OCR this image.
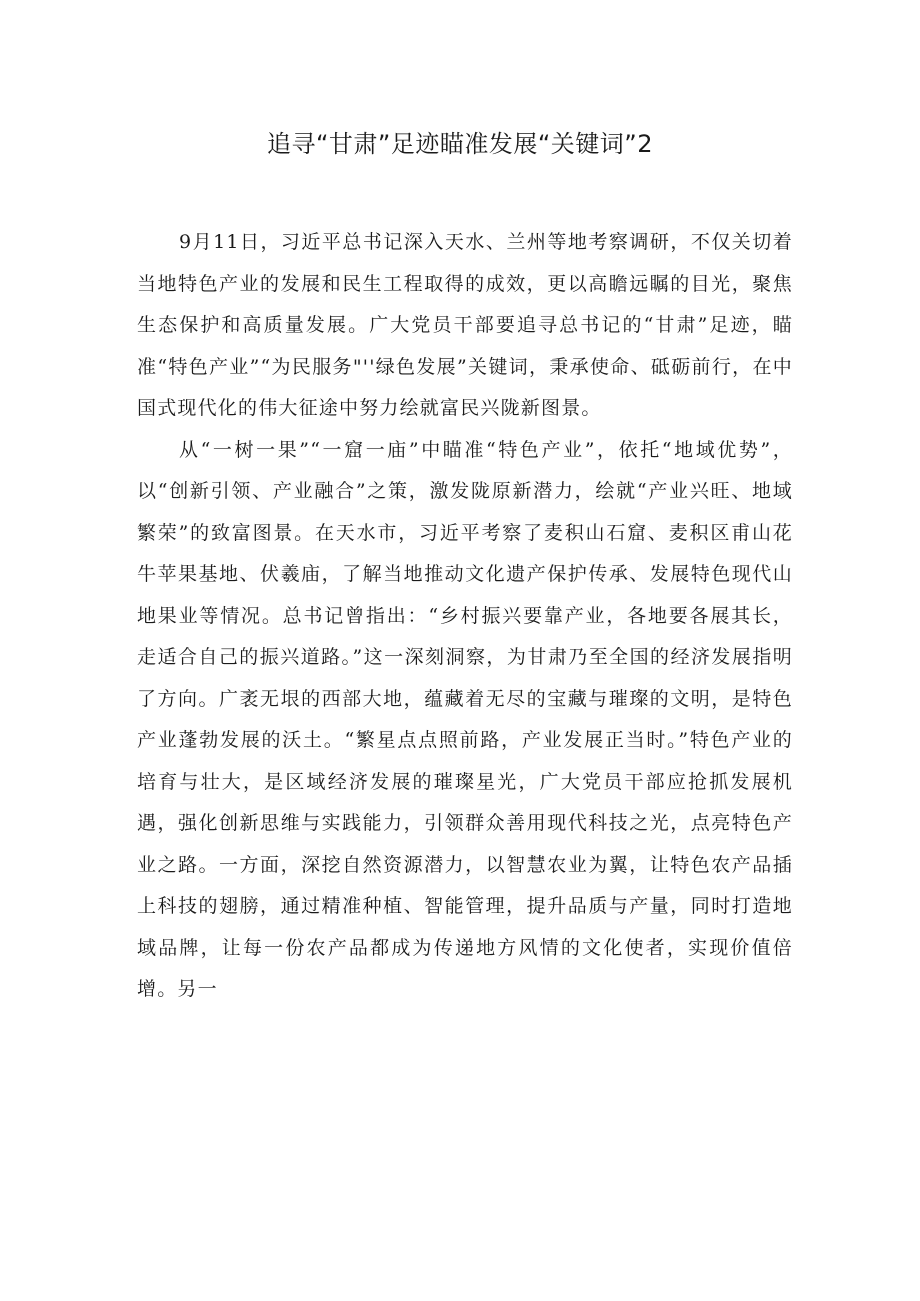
追寻“甘肃”足迹瞄准发展“关键词”2

9月11日，习近平总书记深入天水、兰州等地考察调研，不仅关切着当地特色产业的发展和民生工程取得的成效，更以高瞻远瞩的目光，聚焦生态保护和高质量发展。广大党员干部要追寻总书记的“甘肃”足迹，瞄准“特色产业”“为民服务"''绿色发展”关键词，秉承使命、砥砺前行，在中国式现代化的伟大征途中努力绘就富民兴陇新图景。

从“一树一果”“一窟一庙”中瞄准“特色产业”，依托“地域优势”，以“创新引领、产业融合”之策，激发陇原新潜力，绘就“产业兴旺、地域繁荣”的致富图景。在天水市，习近平考察了麦积山石窟、麦积区甫山花牛苹果基地、伏羲庙，了解当地推动文化遗产保护传承、发展特色现代山地果业等情况。总书记曾指出：“乡村振兴要靠产业，各地要各展其长，走适合自己的振兴道路。”这一深刻洞察，为甘肃乃至全国的经济发展指明了方向。广袤无垠的西部大地，蕴藏着无尽的宝藏与璀璨的文明，是特色产业蓬勃发展的沃土。“繁星点点照前路，产业发展正当时。”特色产业的培育与壮大，是区域经济发展的璀璨星光，广大党员干部应抢抓发展机遇，强化创新思维与实践能力，引领群众善用现代科技之光，点亮特色产业之路。一方面，深挖自然资源潜力，以智慧农业为翼，让特色农产品插上科技的翅膀，通过精准种植、智能管理，提升品质与产量，同时打造地域品牌，让每一份农产品都成为传递地方风情的文化使者，实现价值倍增。另一
